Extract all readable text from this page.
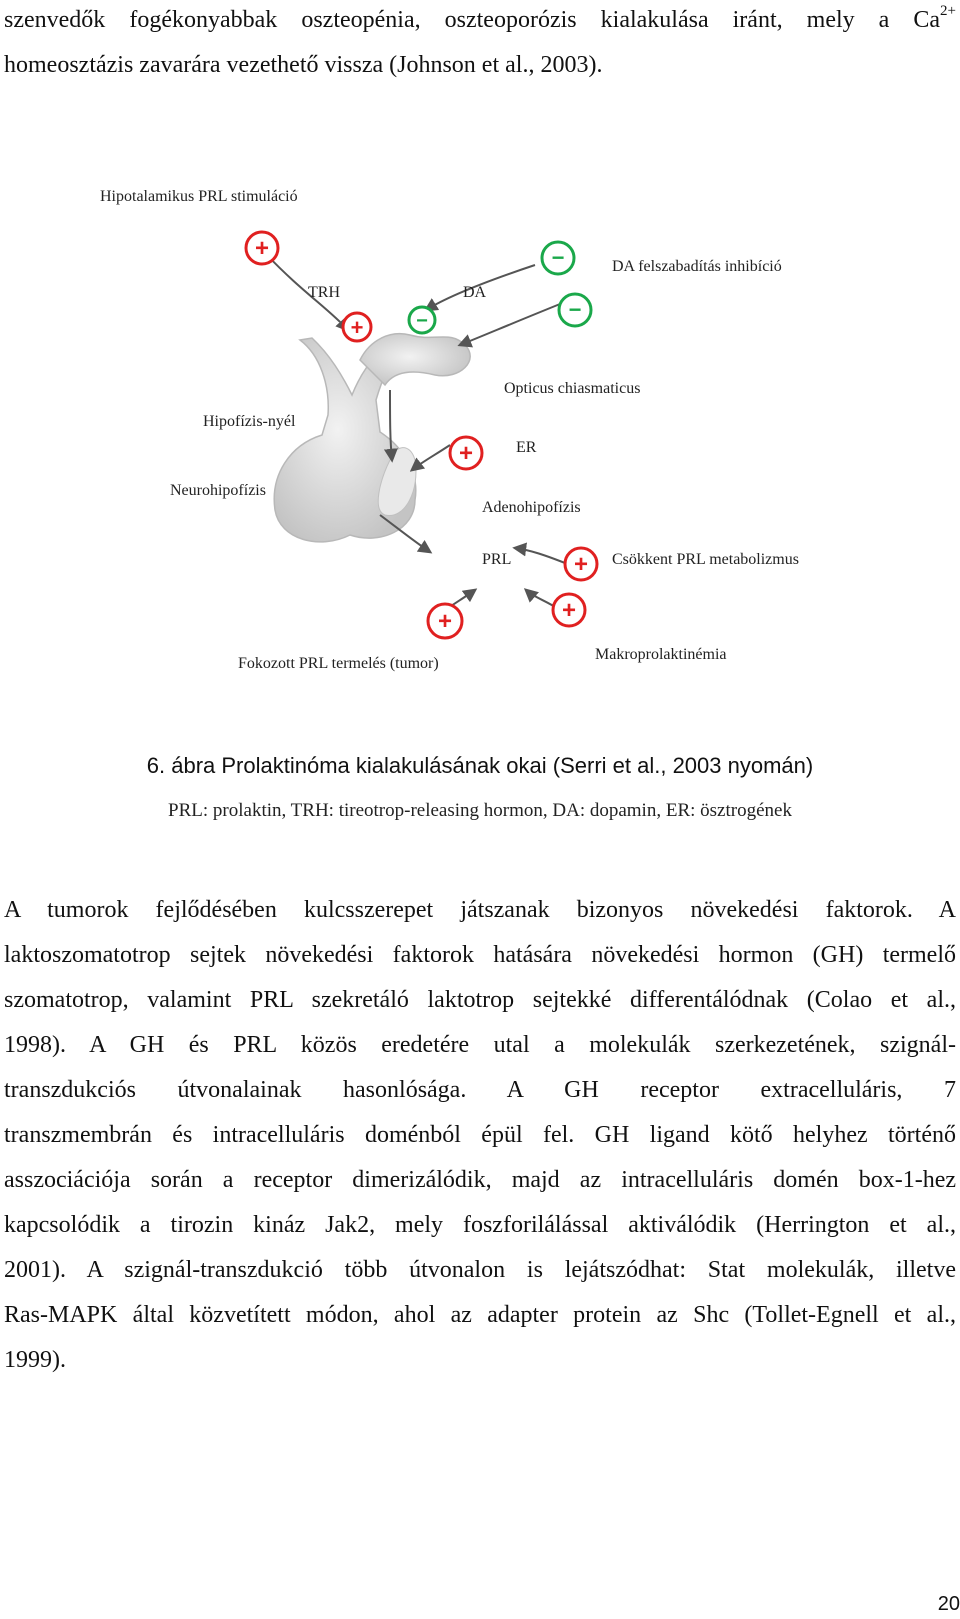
szenvedők fogékonyabbak oszteopénia, oszteoporózis kialakulása iránt, mely a $Ca^{2+}$
homeosztázis zavarára vezethető vissza (Johnson et al., 2003).
+
+	−
−
−
+
+
+
+
Hipotalamikus PRL stimuláció
TRH	DA
DA felszabadítás inhibíció
Opticus chiasmaticus
Hipofízis-nyél
ER
Neurohipofízis
Adenohipofízis
PRL	Csökkent PRL metabolizmus
Fokozott PRL termelés (tumor)
Makroprolaktinémia
6. ábra Prolaktinóma kialakulásának okai (Serri et al., 2003 nyomán)
PRL: prolaktin, TRH: tireotrop-releasing hormon, DA: dopamin, ER: ösztrogének
A tumorok fejlődésében kulcsszerepet játszanak bizonyos növekedési faktorok. A
laktoszomatotrop sejtek növekedési faktorok hatására növekedési hormon (GH) termelő
szomatotrop, valamint PRL szekretáló laktotrop sejtekké differentálódnak (Colao et al.,
1998). A GH és PRL közös eredetére utal a molekulák szerkezetének, szignál-
transzdukciós útvonalainak hasonlósága. A GH receptor extracelluláris, 7
transzmembrán és intracelluláris doménból épül fel. GH ligand kötő helyhez történő
asszociációja során a receptor dimerizálódik, majd az intracelluláris domén box-1-hez
kapcsolódik a tirozin kináz Jak2, mely foszforilálással aktiválódik (Herrington et al.,
2001). A szignál-transzdukció több útvonalon is lejátszódhat: Stat molekulák, illetve
Ras-MAPK által közvetített módon, ahol az adapter protein az Shc (Tollet-Egnell et al.,
1999).
20
